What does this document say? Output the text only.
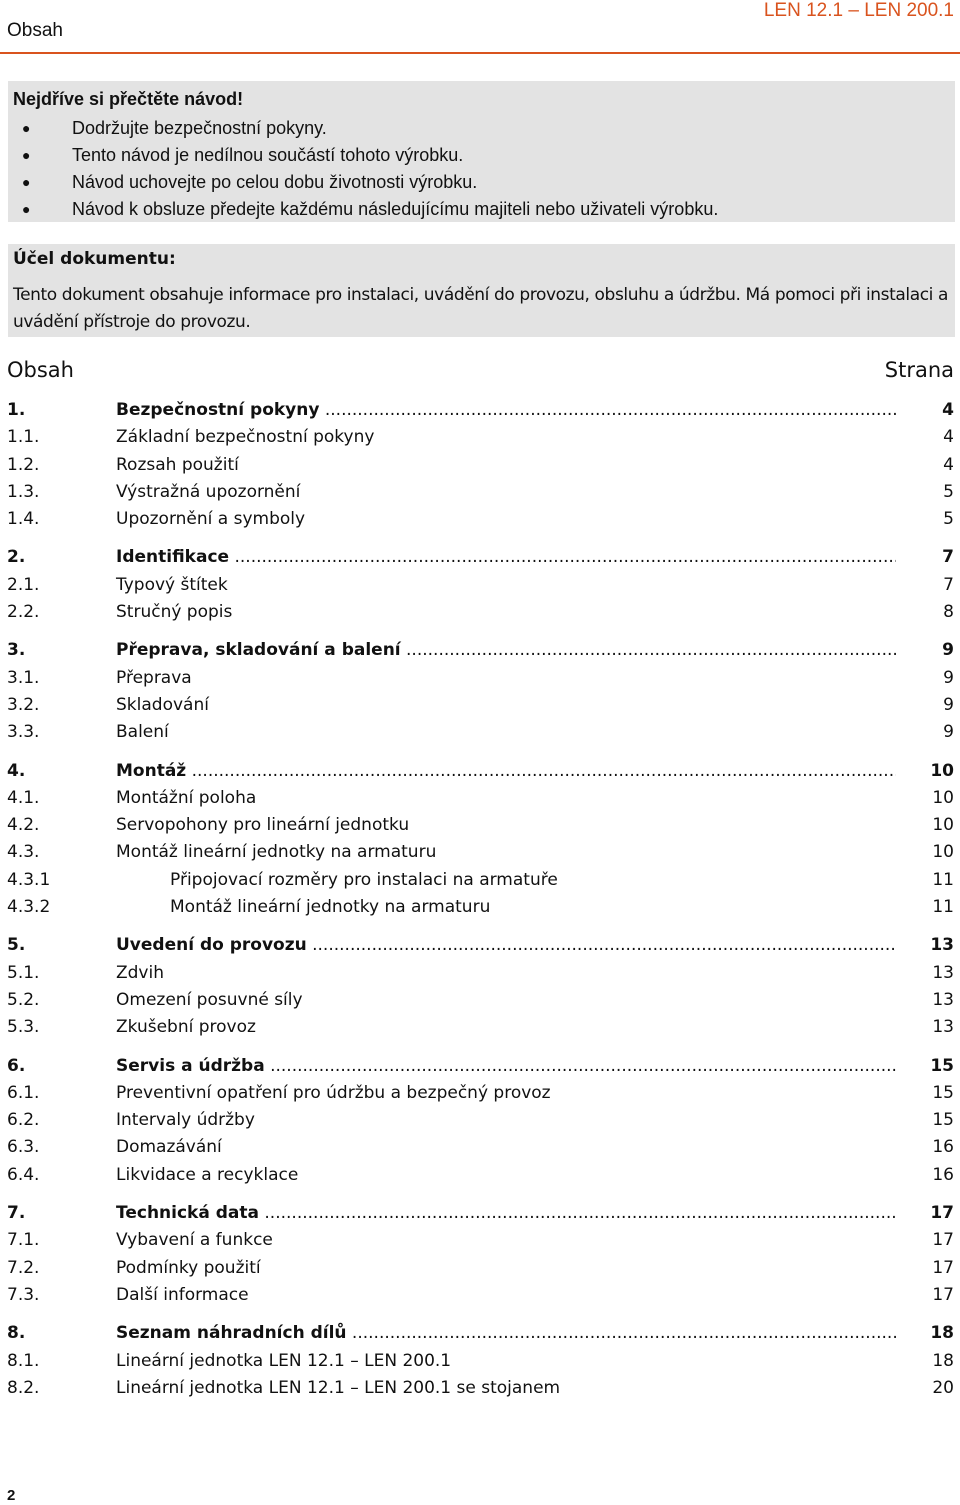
Obsah
LEN 12.1 – LEN 200.1
Nejdříve si přečtěte návod!
● Dodržujte bezpečnostní pokyny.
● Tento návod je nedílnou součástí tohoto výrobku.
● Návod uchovejte po celou dobu životnosti výrobku.
● Návod k obsluze předejte každému následujícímu majiteli nebo uživateli výrobku.
Účel dokumentu:
Tento dokument obsahuje informace pro instalaci, uvádění do provozu, obsluhu a údržbu. Má pomoci při instalaci a uvádění přístroje do provozu.
Obsah	Strana
1.	Bezpečnostní pokyny .....	4
1.1.	Základní bezpečnostní pokyny	4
1.2.	Rozsah použití	4
1.3.	Výstražná upozornění	5
1.4.	Upozornění a symboly	5
2.	Identifikace .....	7
2.1.	Typový štítek	7
2.2.	Stručný popis	8
3.	Přeprava, skladování a balení .....	9
3.1.	Přeprava	9
3.2.	Skladování	9
3.3.	Balení	9
4.	Montáž .....	10
4.1.	Montážní poloha	10
4.2.	Servopohony pro lineární jednotku	10
4.3.	Montáž lineární jednotky na armaturu	10
4.3.1	Připojovací rozměry pro instalaci na armatuře	11
4.3.2	Montáž lineární jednotky na armaturu	11
5.	Uvedení do provozu .....	13
5.1.	Zdvih	13
5.2.	Omezení posuvné síly	13
5.3.	Zkušební provoz	13
6.	Servis a údržba .....	15
6.1.	Preventivní opatření pro údržbu a bezpečný provoz	15
6.2.	Intervaly údržby	15
6.3.	Domazávání	16
6.4.	Likvidace a recyklace	16
7.	Technická data .....	17
7.1.	Vybavení a funkce	17
7.2.	Podmínky použití	17
7.3.	Další informace	17
8.	Seznam náhradních dílů .....	18
8.1.	Lineární jednotka LEN 12.1 – LEN 200.1	18
8.2.	Lineární jednotka LEN 12.1 – LEN 200.1 se stojanem	20
2
